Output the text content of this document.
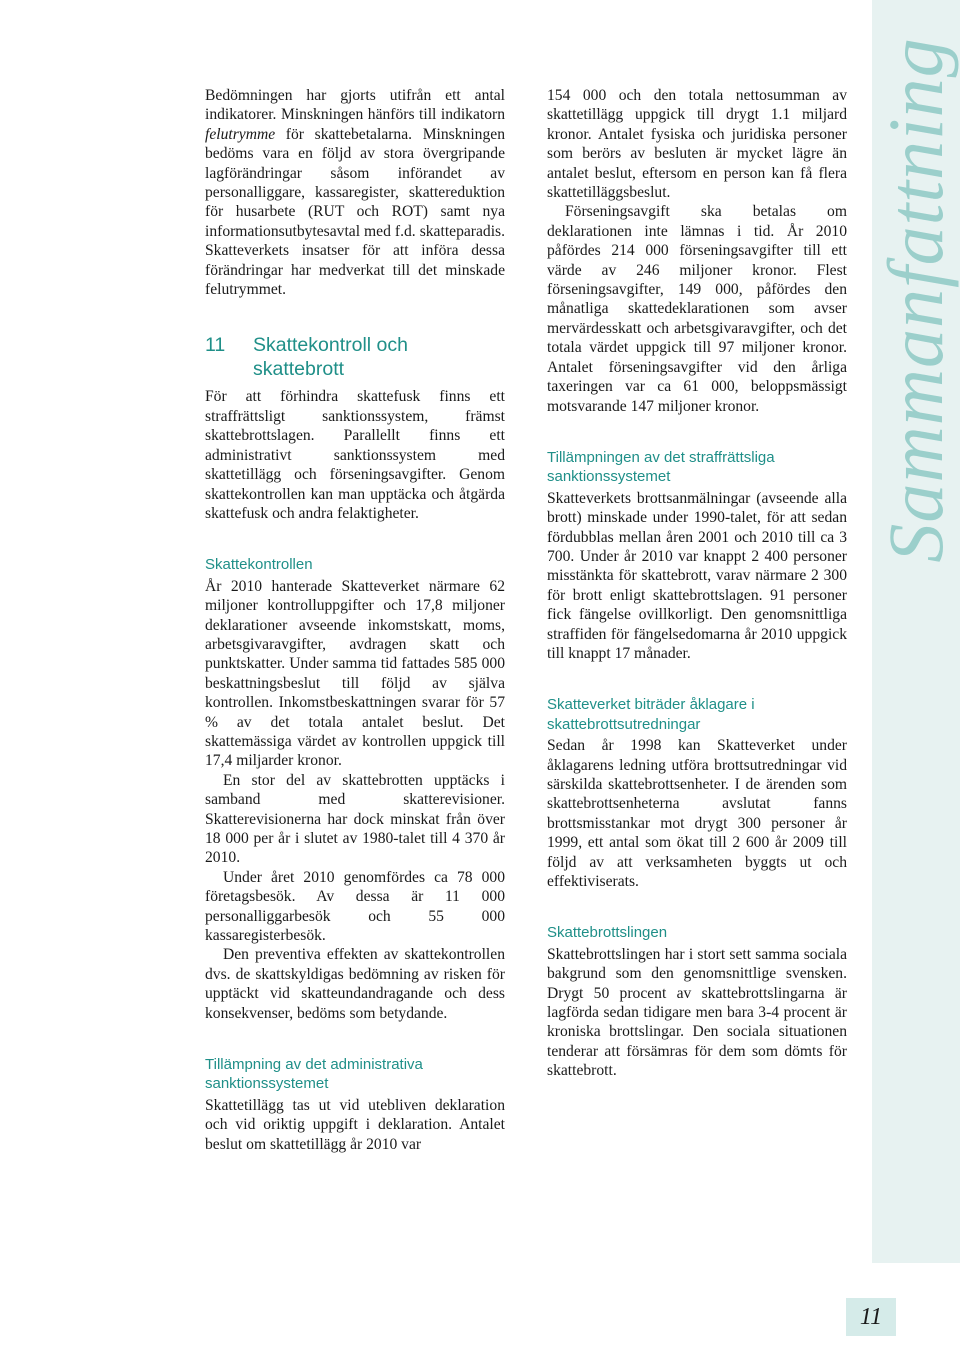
Sammanfattning

Bedömningen har gjorts utifrån ett antal indikatorer. Minskningen hänförs till indikatorn felutrymme för skattebetalarna. Minskningen bedöms vara en följd av stora övergripande lagförändringar såsom införandet av personalliggare, kassaregister, skattereduktion för husarbete (RUT och ROT) samt nya informationsutbytesavtal med f.d. skatteparadis. Skatteverkets insatser för att införa dessa förändringar har medverkat till det minskade felutrymmet.

11	Skattekontroll och skattebrott

För att förhindra skattefusk finns ett straffrättsligt sanktionssystem, främst skattebrottslagen. Parallellt finns ett administrativt sanktionssystem med skattetillägg och förseningsavgifter. Genom skattekontrollen kan man upptäcka och åtgärda skattefusk och andra felaktigheter.

Skattekontrollen

År 2010 hanterade Skatteverket närmare 62 miljoner kontrolluppgifter och 17,8 miljoner deklarationer avseende inkomstskatt, moms, arbetsgivaravgifter, avdragen skatt och punktskatter. Under samma tid fattades 585 000 beskattningsbeslut till följd av själva kontrollen. Inkomstbeskattningen svarar för 57 % av det totala antalet beslut. Det skattemässiga värdet av kontrollen uppgick till 17,4 miljarder kronor.

En stor del av skattebrotten upptäcks i samband med skatterevisioner. Skatterevisionerna har dock minskat från över 18 000 per år i slutet av 1980-talet till 4 370 år 2010.

Under året 2010 genomfördes ca 78 000 företagsbesök. Av dessa är 11 000 personalliggarbesök och 55 000 kassaregisterbesök.

Den preventiva effekten av skattekontrollen dvs. de skattskyldigas bedömning av risken för upptäckt vid skatteundandragande och dess konsekvenser, bedöms som betydande.

Tillämpning av det administrativa sanktionssystemet

Skattetillägg tas ut vid utebliven deklaration och vid oriktig uppgift i deklaration. Antalet beslut om skattetillägg år 2010 var

154 000 och den totala nettosumman av skattetillägg uppgick till drygt 1.1 miljard kronor. Antalet fysiska och juridiska personer som berörs av besluten är mycket lägre än antalet beslut, eftersom en person kan få flera skattetilläggsbeslut.

Förseningsavgift ska betalas om deklarationen inte lämnas i tid. År 2010 påfördes 214 000 förseningsavgifter till ett värde av 246 miljoner kronor. Flest förseningsavgifter, 149 000, påfördes den månatliga skattedeklarationen som avser mervärdesskatt och arbetsgivaravgifter, och det totala värdet uppgick till 97 miljoner kronor. Antalet förseningsavgifter vid den årliga taxeringen var ca 61 000, beloppsmässigt motsvarande 147 miljoner kronor.

Tillämpningen av det straffrättsliga sanktionssystemet

Skatteverkets brottsanmälningar (avseende alla brott) minskade under 1990-talet, för att sedan fördubblas mellan åren 2001 och 2010 till ca 3 700. Under år 2010 var knappt 2 400 personer misstänkta för skattebrott, varav närmare 2 300 för brott enligt skattebrottslagen. 91 personer fick fängelse ovillkorligt. Den genomsnittliga straffiden för fängelsedomarna år 2010 uppgick till knappt 17 månader.

Skatteverket biträder åklagare i skattebrottsutredningar

Sedan år 1998 kan Skatteverket under åklagarens ledning utföra brottsutredningar vid särskilda skattebrottsenheter. I de ärenden som skattebrottsenheterna avslutat fanns brottsmisstankar mot drygt 300 personer år 1999, ett antal som ökat till 2 600 år 2009 till följd av att verksamheten byggts ut och effektiviserats.

Skattebrottslingen

Skattebrottslingen har i stort sett samma sociala bakgrund som den genomsnittlige svensken. Drygt 50 procent av skattebrottslingarna är lagförda sedan tidigare men bara 3-4 procent är kroniska brottslingar. Den sociala situationen tenderar att försämras för dem som dömts för skattebrott.

11
